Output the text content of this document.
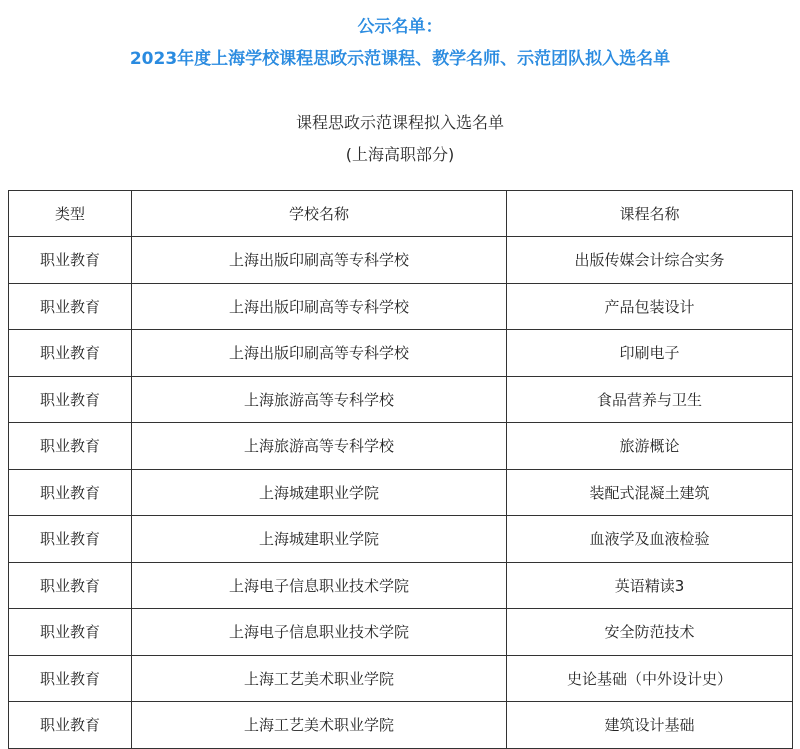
公示名单：
2023年度上海学校课程思政示范课程、教学名师、示范团队拟入选名单
课程思政示范课程拟入选名单
(上海高职部分)
类型	学校名称	课程名称
职业教育	上海出版印刷高等专科学校	出版传媒会计综合实务
职业教育	上海出版印刷高等专科学校	产品包装设计
职业教育	上海出版印刷高等专科学校	印刷电子
职业教育	上海旅游高等专科学校	食品营养与卫生
职业教育	上海旅游高等专科学校	旅游概论
职业教育	上海城建职业学院	装配式混凝土建筑
职业教育	上海城建职业学院	血液学及血液检验
职业教育	上海电子信息职业技术学院	英语精读3
职业教育	上海电子信息职业技术学院	安全防范技术
职业教育	上海工艺美术职业学院	史论基础（中外设计史）
职业教育	上海工艺美术职业学院	建筑设计基础
